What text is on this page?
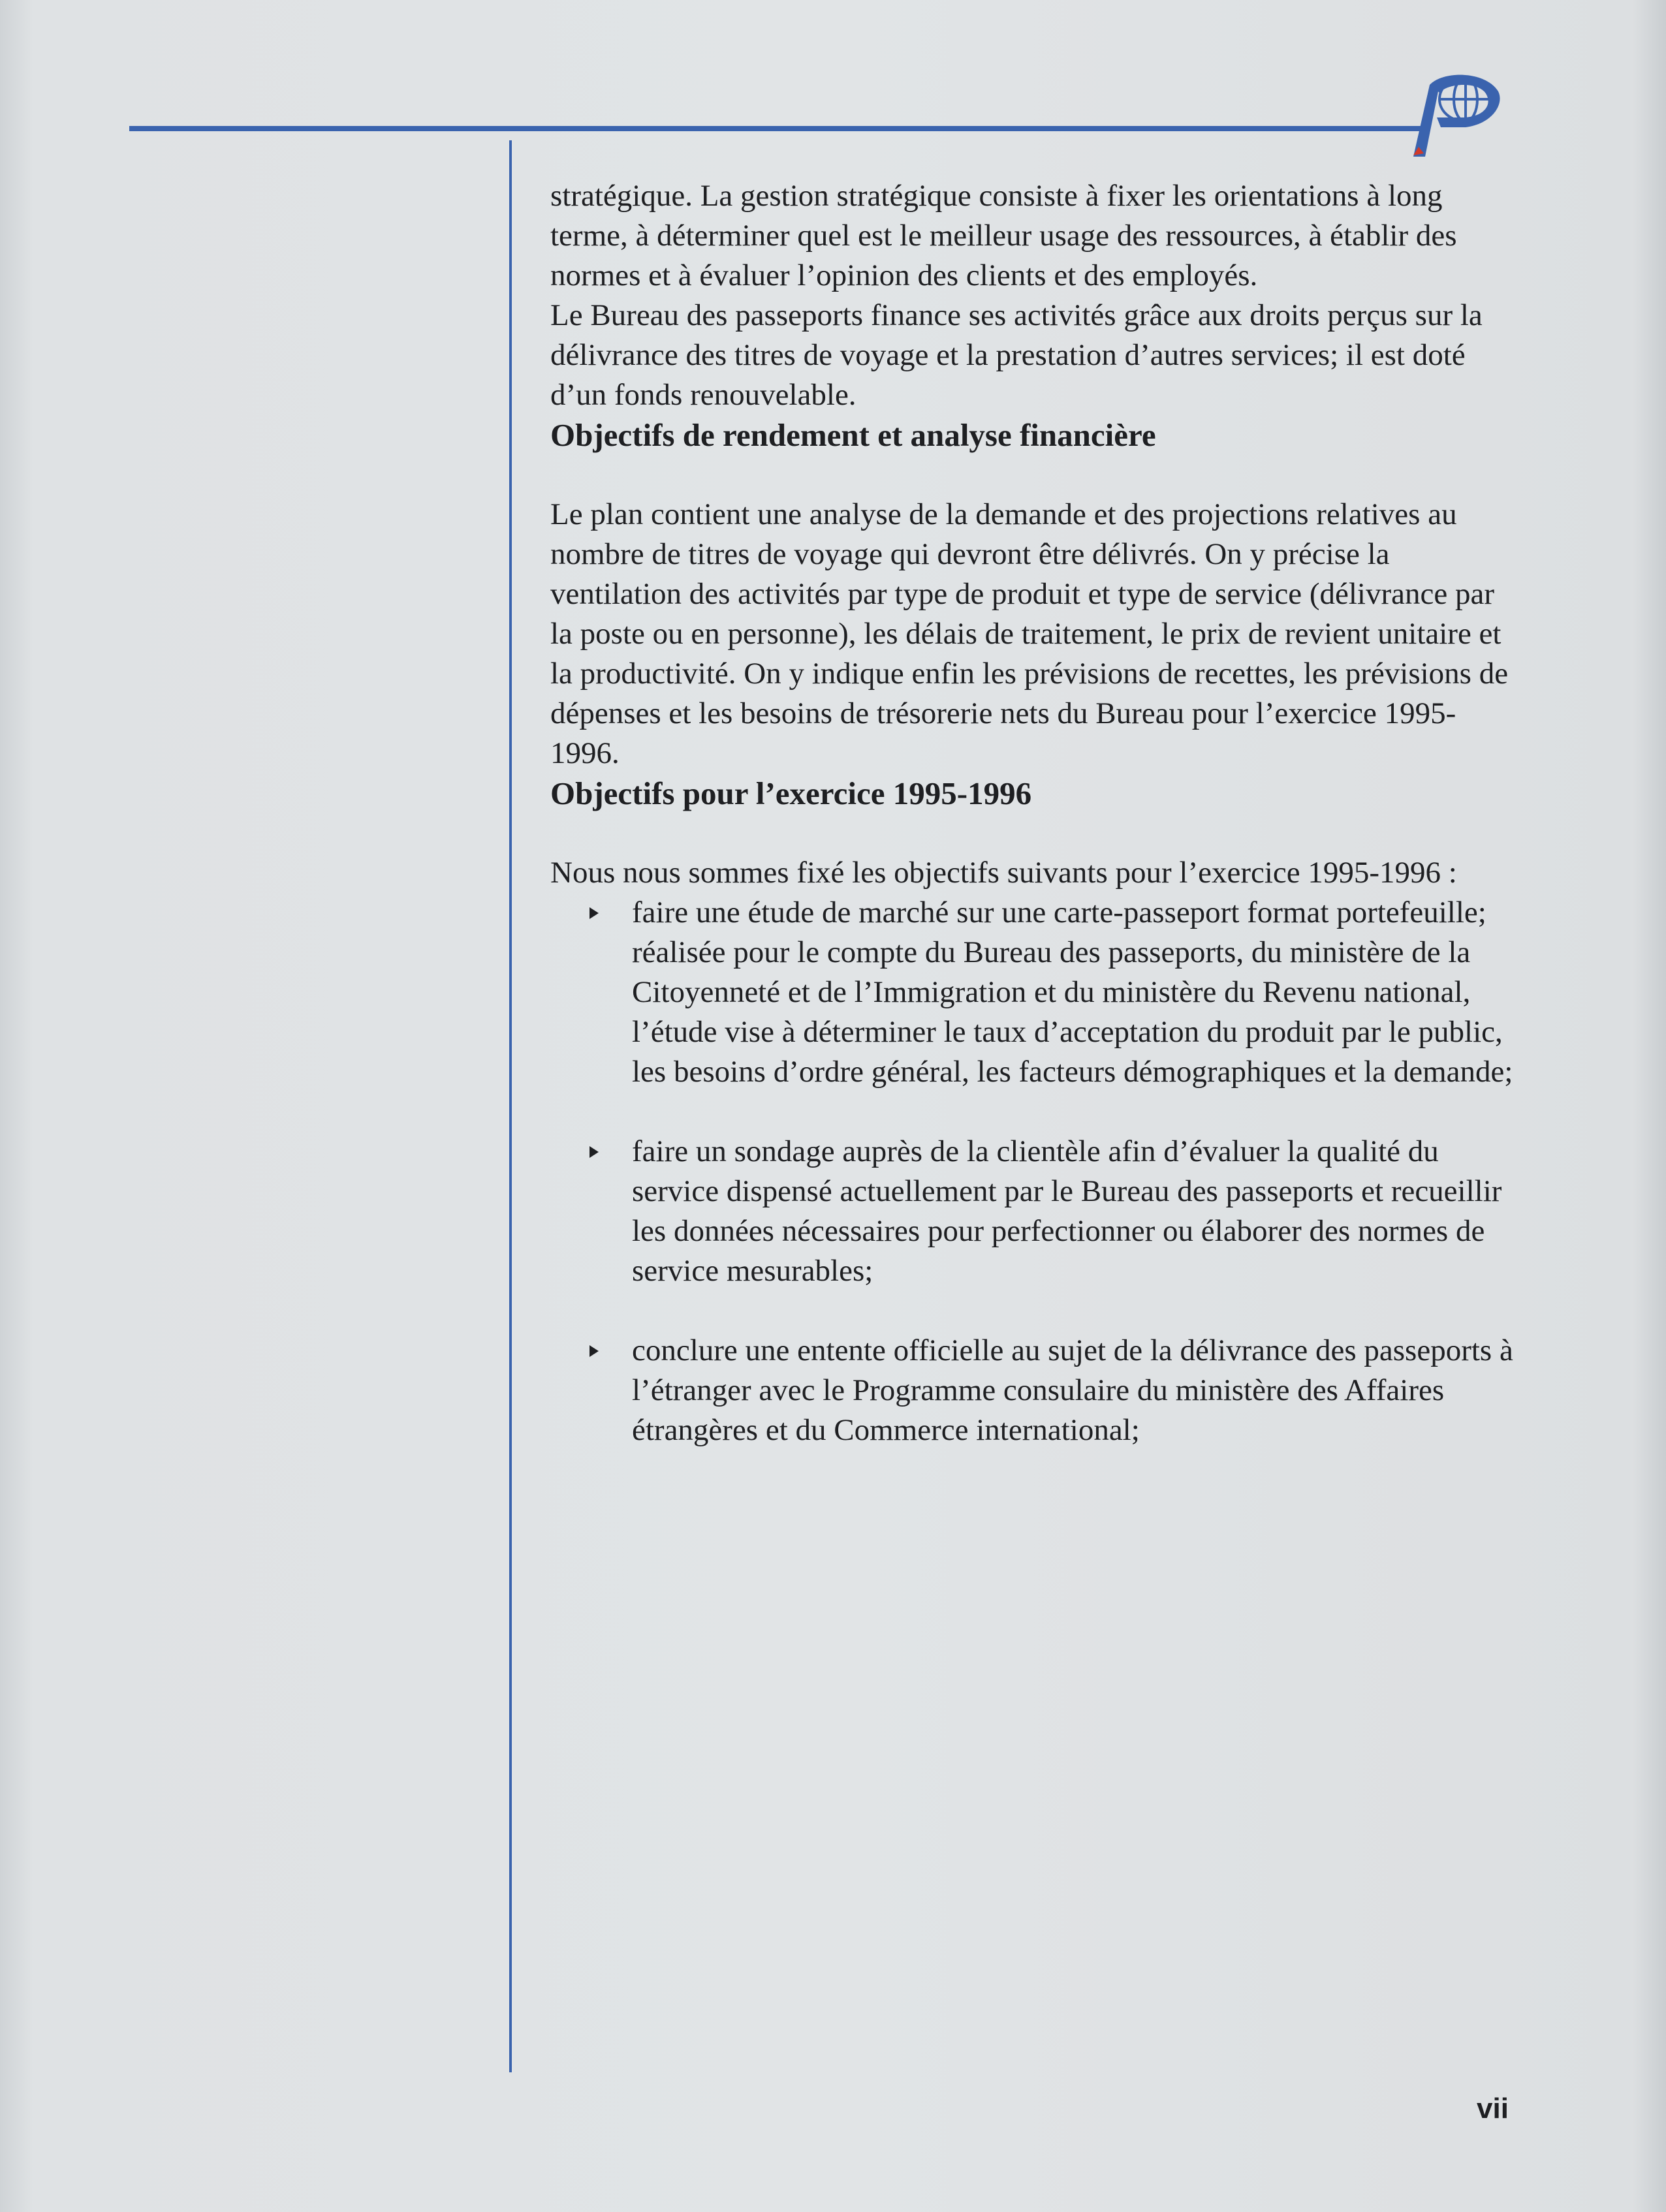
stratégique. La gestion stratégique consiste à fixer les orientations à long terme, à déterminer quel est le meilleur usage des ressources, à établir des normes et à évaluer l’opinion des clients et des employés.

Le Bureau des passeports finance ses activités grâce aux droits perçus sur la délivrance des titres de voyage et la prestation d’autres services; il est doté d’un fonds renouvelable.

Objectifs de rendement et analyse financière

Le plan contient une analyse de la demande et des projections relatives au nombre de titres de voyage qui devront être délivrés. On y précise la ventilation des activités par type de produit et type de service (délivrance par la poste ou en personne), les délais de traitement, le prix de revient unitaire et la productivité. On y indique enfin les prévisions de recettes, les prévisions de dépenses et les besoins de trésorerie nets du Bureau pour l’exercice 1995-1996.

Objectifs pour l’exercice 1995-1996

Nous nous sommes fixé les objectifs suivants pour l’exercice 1995-1996 :

faire une étude de marché sur une carte-passeport format portefeuille; réalisée pour le compte du Bureau des passeports, du ministère de la Citoyenneté et de l’Immigration et du ministère du Revenu national, l’étude vise à déterminer le taux d’acceptation du produit par le public, les besoins d’ordre général, les facteurs démographiques et la demande;
faire un sondage auprès de la clientèle afin d’évaluer la qualité du service dispensé actuellement par le Bureau des passeports et recueillir les données nécessaires pour perfectionner ou élaborer des normes de service mesurables;
conclure une entente officielle au sujet de la délivrance des passeports à l’étranger avec le Programme consulaire du ministère des Affaires étrangères et du Commerce international;
vii
